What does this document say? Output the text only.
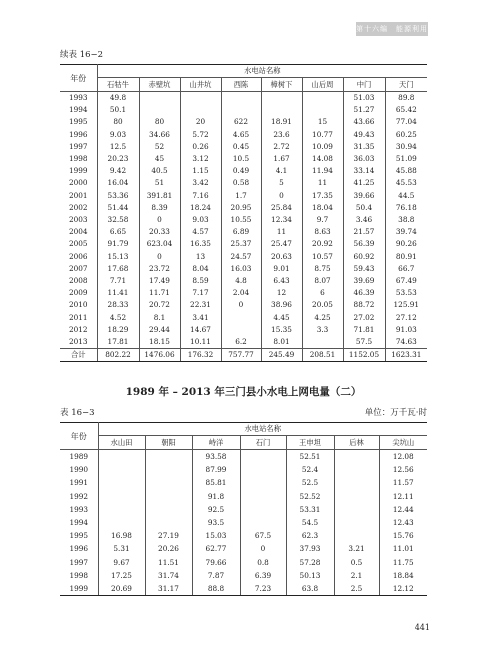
第十六编　能源利用
续表 16−2
年份	水电站名称							
	石牯牛	赤壁坑	山井坑	西陈	樟树下	山后周	中门	天门
1993	49.8						51.03	89.8
1994	50.1						51.27	65.42
1995	80	80	20	622	18.91	15	43.66	77.04
1996	9.03	34.66	5.72	4.65	23.6	10.77	49.43	60.25
1997	12.5	52	0.26	0.45	2.72	10.09	31.35	30.94
1998	20.23	45	3.12	10.5	1.67	14.08	36.03	51.09
1999	9.42	40.5	1.15	0.49	4.1	11.94	33.14	45.88
2000	16.04	51	3.42	0.58	5	11	41.25	45.53
2001	53.36	391.81	7.16	1.7	0	17.35	39.66	44.5
2002	51.44	8.39	18.24	20.95	25.84	18.04	50.4	76.18
2003	32.58	0	9.03	10.55	12.34	9.7	3.46	38.8
2004	6.65	20.33	4.57	6.89	11	8.63	21.57	39.74
2005	91.79	623.04	16.35	25.37	25.47	20.92	56.39	90.26
2006	15.13	0	13	24.57	20.63	10.57	60.92	80.91
2007	17.68	23.72	8.04	16.03	9.01	8.75	59.43	66.7
2008	7.71	17.49	8.59	4.8	6.43	8.07	39.69	67.49
2009	11.41	11.71	7.17	2.04	12	6	46.39	53.53
2010	28.33	20.72	22.31	0	38.96	20.05	88.72	125.91
2011	4.52	8.1	3.41		4.45	4.25	27.02	27.12
2012	18.29	29.44	14.67		15.35	3.3	71.81	91.03
2013	17.81	18.15	10.11	6.2	8.01		57.5	74.63
合计	802.22	1476.06	176.32	757.77	245.49	208.51	1152.05	1623.31
1989 年 – 2013 年三门县小水电上网电量（二）
表 16−3	单位：万千瓦·时
年份	水电站名称						
	水山田	朝阳	峙洋	石门	王申坦	后林	尖坑山
1989			93.58		52.51		12.08
1990			87.99		52.4		12.56
1991			85.81		52.5		11.57
1992			91.8		52.52		12.11
1993			92.5		53.31		12.44
1994			93.5		54.5		12.43
1995	16.98	27.19	15.03	67.5	62.3		15.76
1996	5.31	20.26	62.77	0	37.93	3.21	11.01
1997	9.67	11.51	79.66	0.8	57.28	0.5	11.75
1998	17.25	31.74	7.87	6.39	50.13	2.1	18.84
1999	20.69	31.17	88.8	7.23	63.8	2.5	12.12
441
